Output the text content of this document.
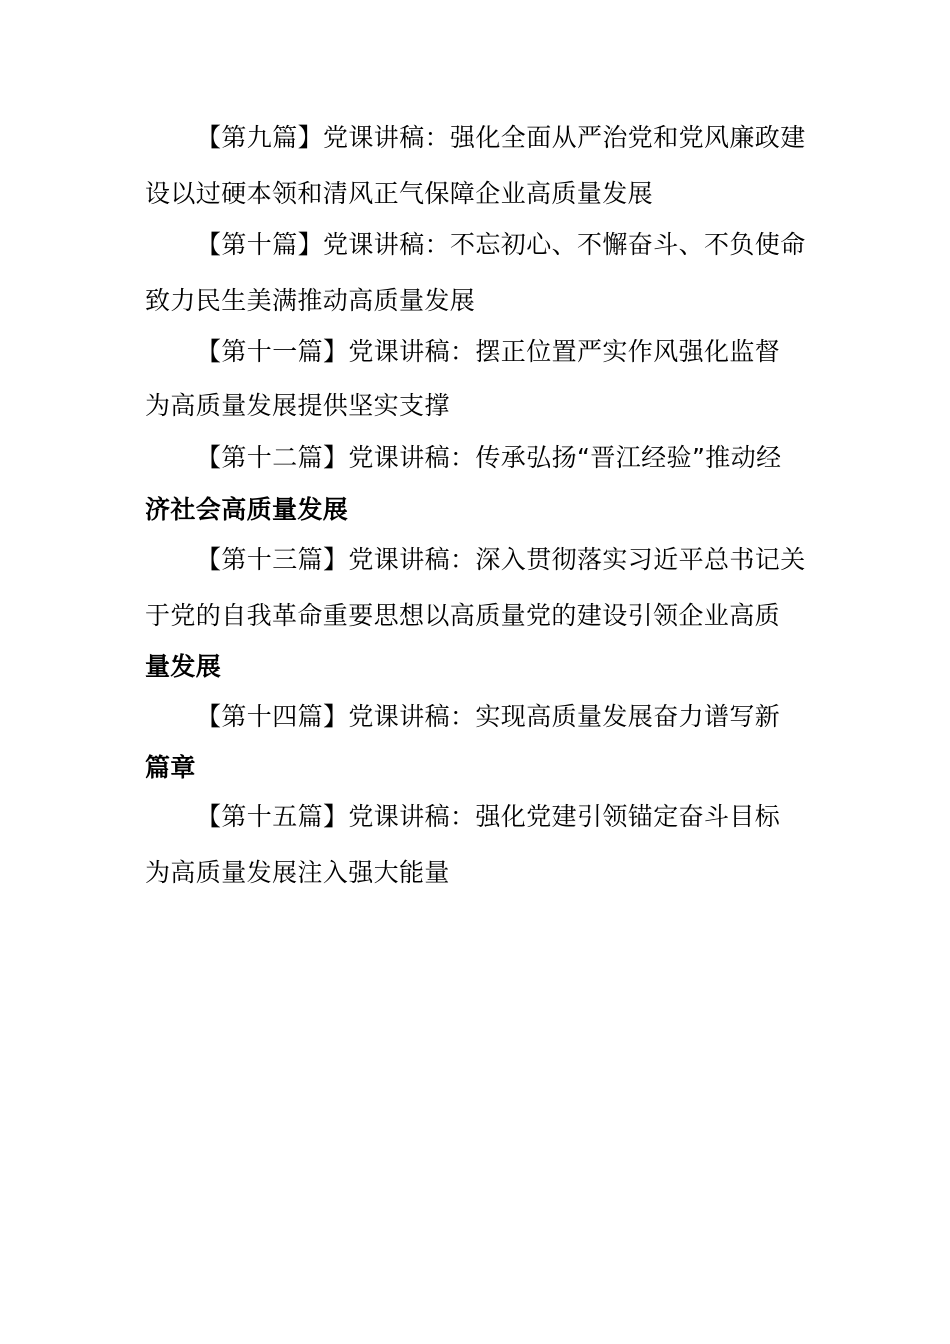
【第九篇】党课讲稿：强化全面从严治党和党风廉政建
设以过硬本领和清风正气保障企业高质量发展
【第十篇】党课讲稿：不忘初心、不懈奋斗、不负使命
致力民生美满推动高质量发展
【第十一篇】党课讲稿：摆正位置严实作风强化监督
为高质量发展提供坚实支撑
【第十二篇】党课讲稿：传承弘扬“晋江经验”推动经
济社会高质量发展
【第十三篇】党课讲稿：深入贯彻落实习近平总书记关
于党的自我革命重要思想以高质量党的建设引领企业高质
量发展
【第十四篇】党课讲稿：实现高质量发展奋力谱写新
篇章
【第十五篇】党课讲稿：强化党建引领锚定奋斗目标
为高质量发展注入强大能量
